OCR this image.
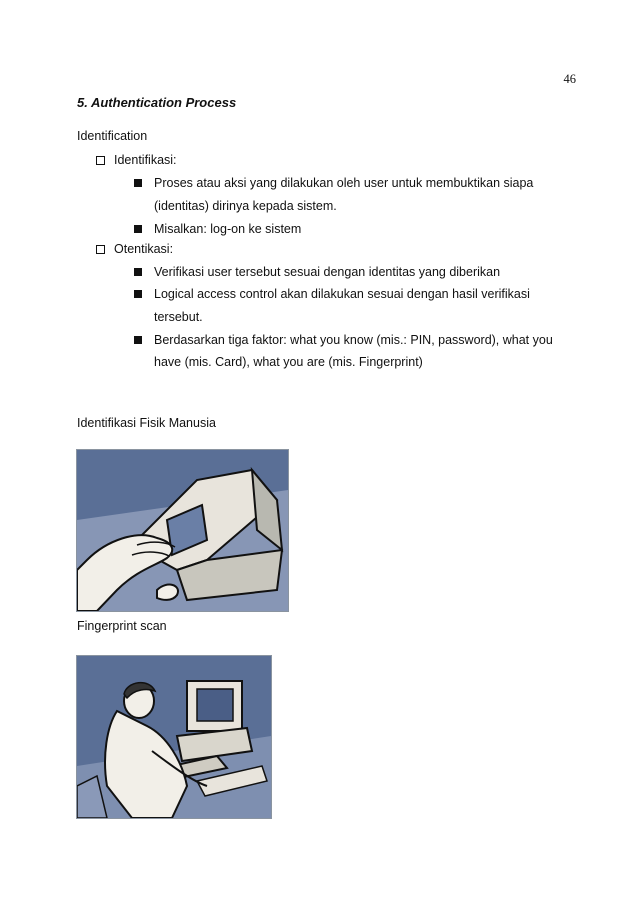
46
5. Authentication Process
Identification
Identifikasi:
Proses atau aksi yang dilakukan oleh user untuk membuktikan siapa
(identitas) dirinya kepada sistem.
Misalkan: log-on ke sistem
Otentikasi:
Verifikasi user tersebut sesuai dengan identitas yang diberikan
Logical access control akan dilakukan sesuai dengan hasil verifikasi
tersebut.
Berdasarkan tiga faktor: what you know (mis.: PIN, password), what you
have (mis. Card), what you are (mis. Fingerprint)
Identifikasi Fisik Manusia
Fingerprint scan
